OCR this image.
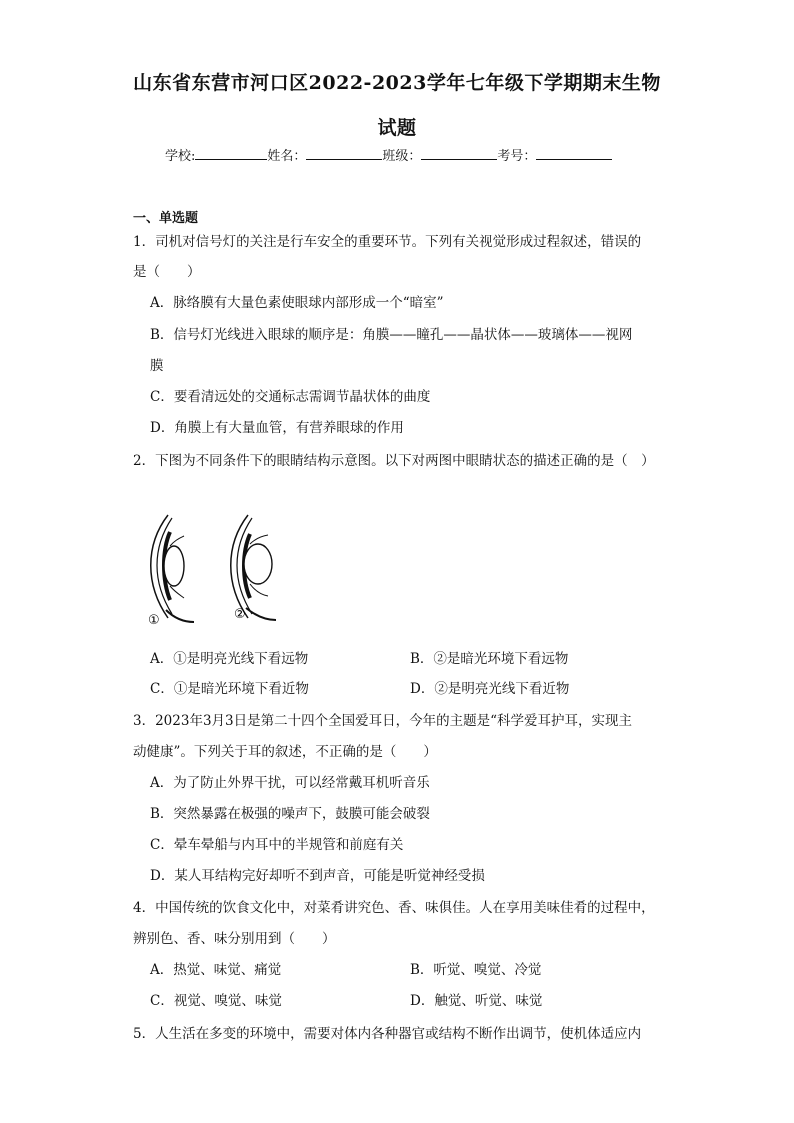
山东省东营市河口区2022-2023学年七年级下学期期末生物
试题
学校:	姓名：	班级：	考号：
一、单选题
1．司机对信号灯的关注是行车安全的重要环节。下列有关视觉形成过程叙述，错误的
是（　　）
A．脉络膜有大量色素使眼球内部形成一个“暗室”
B．信号灯光线进入眼球的顺序是：角膜——瞳孔——晶状体——玻璃体——视网
膜
C．要看清远处的交通标志需调节晶状体的曲度
D．角膜上有大量血管，有营养眼球的作用
2．下图为不同条件下的眼睛结构示意图。以下对两图中眼睛状态的描述正确的是（　）
①	②
A．①是明亮光线下看远物	B．②是暗光环境下看远物
C．①是暗光环境下看近物	D．②是明亮光线下看近物
3．2023年3月3日是第二十四个全国爱耳日，今年的主题是“科学爱耳护耳，实现主
动健康”。下列关于耳的叙述，不正确的是（　　）
A．为了防止外界干扰，可以经常戴耳机听音乐
B．突然暴露在极强的噪声下，鼓膜可能会破裂
C．晕车晕船与内耳中的半规管和前庭有关
D．某人耳结构完好却听不到声音，可能是听觉神经受损
4．中国传统的饮食文化中，对菜肴讲究色、香、味俱佳。人在享用美味佳肴的过程中，
辨别色、香、味分别用到（　　）
A．热觉、味觉、痛觉	B．听觉、嗅觉、冷觉
C．视觉、嗅觉、味觉	D．触觉、听觉、味觉
5．人生活在多变的环境中，需要对体内各种器官或结构不断作出调节，使机体适应内
